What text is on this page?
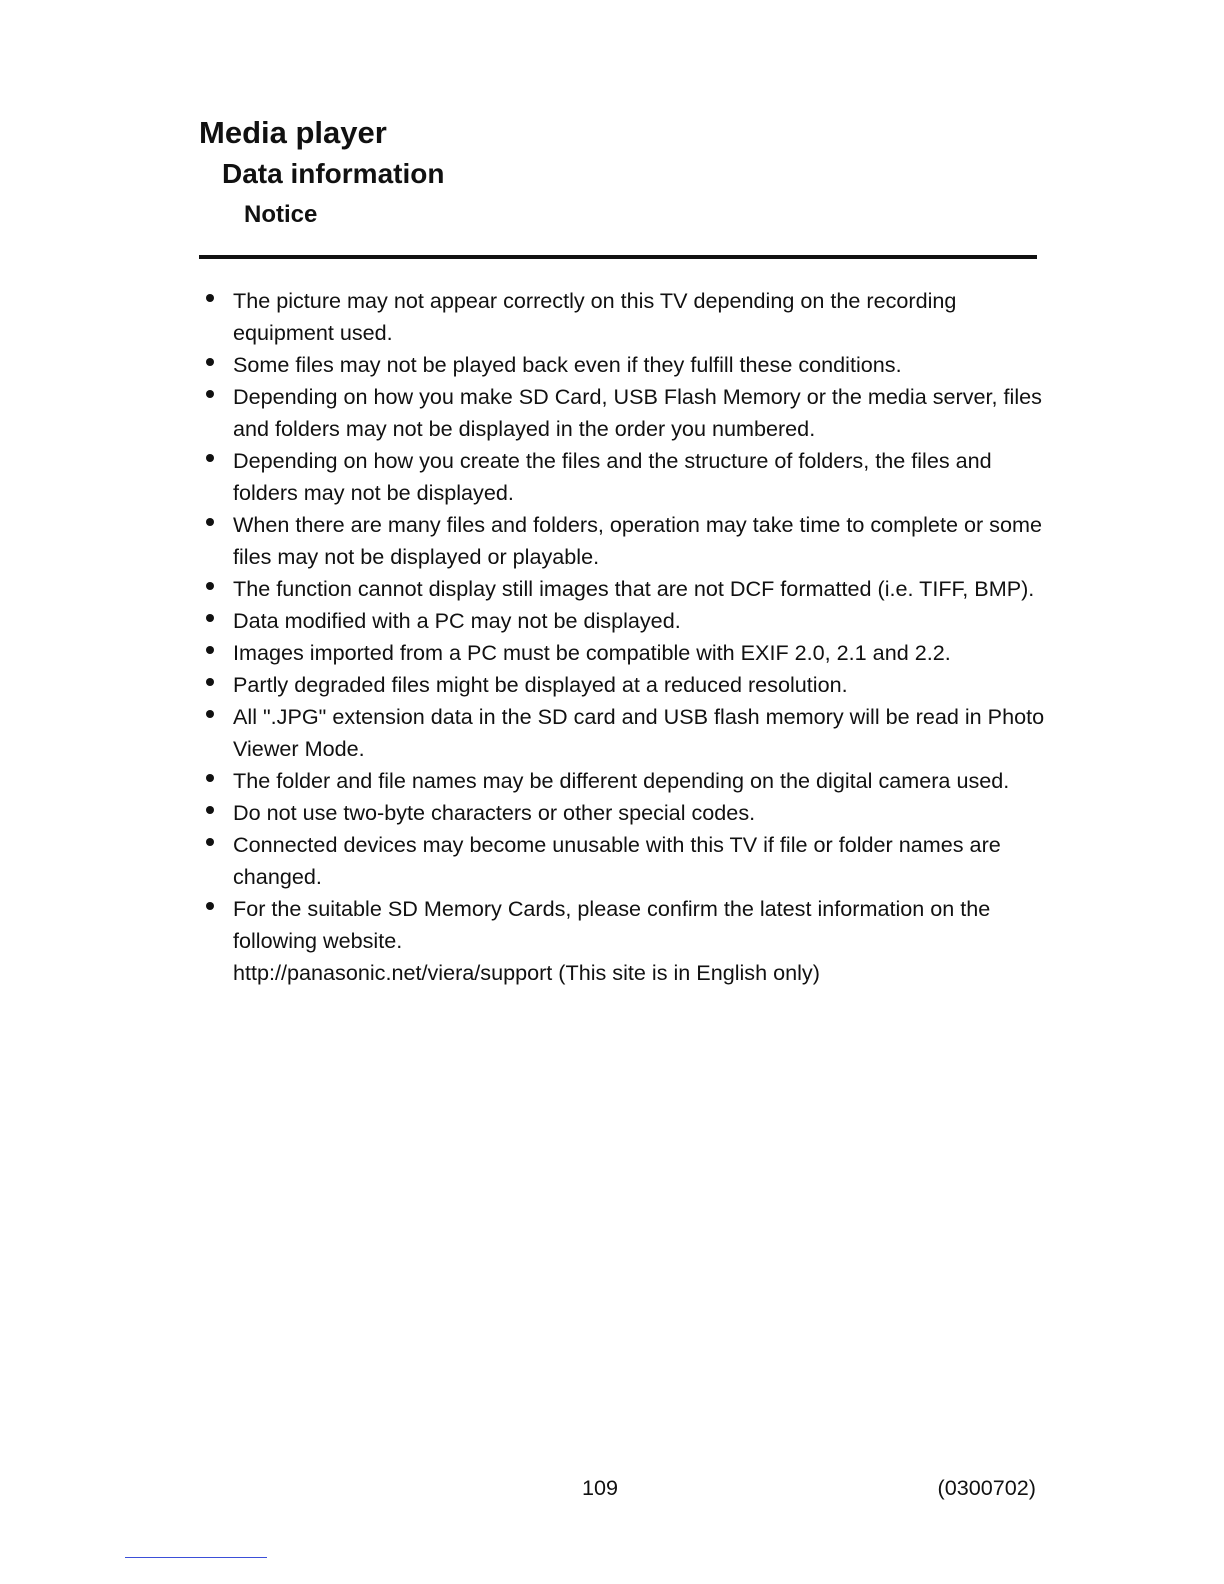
Media player
Data information
Notice
The picture may not appear correctly on this TV depending on the recording equipment used.
Some files may not be played back even if they fulfill these conditions.
Depending on how you make SD Card, USB Flash Memory or the media server, files and folders may not be displayed in the order you numbered.
Depending on how you create the files and the structure of folders, the files and folders may not be displayed.
When there are many files and folders, operation may take time to complete or some files may not be displayed or playable.
The function cannot display still images that are not DCF formatted (i.e. TIFF, BMP).
Data modified with a PC may not be displayed.
Images imported from a PC must be compatible with EXIF 2.0, 2.1 and 2.2.
Partly degraded files might be displayed at a reduced resolution.
All ".JPG" extension data in the SD card and USB flash memory will be read in Photo Viewer Mode.
The folder and file names may be different depending on the digital camera used.
Do not use two-byte characters or other special codes.
Connected devices may become unusable with this TV if file or folder names are changed.
For the suitable SD Memory Cards, please confirm the latest information on the following website.
http://panasonic.net/viera/support (This site is in English only)
109	(0300702)
